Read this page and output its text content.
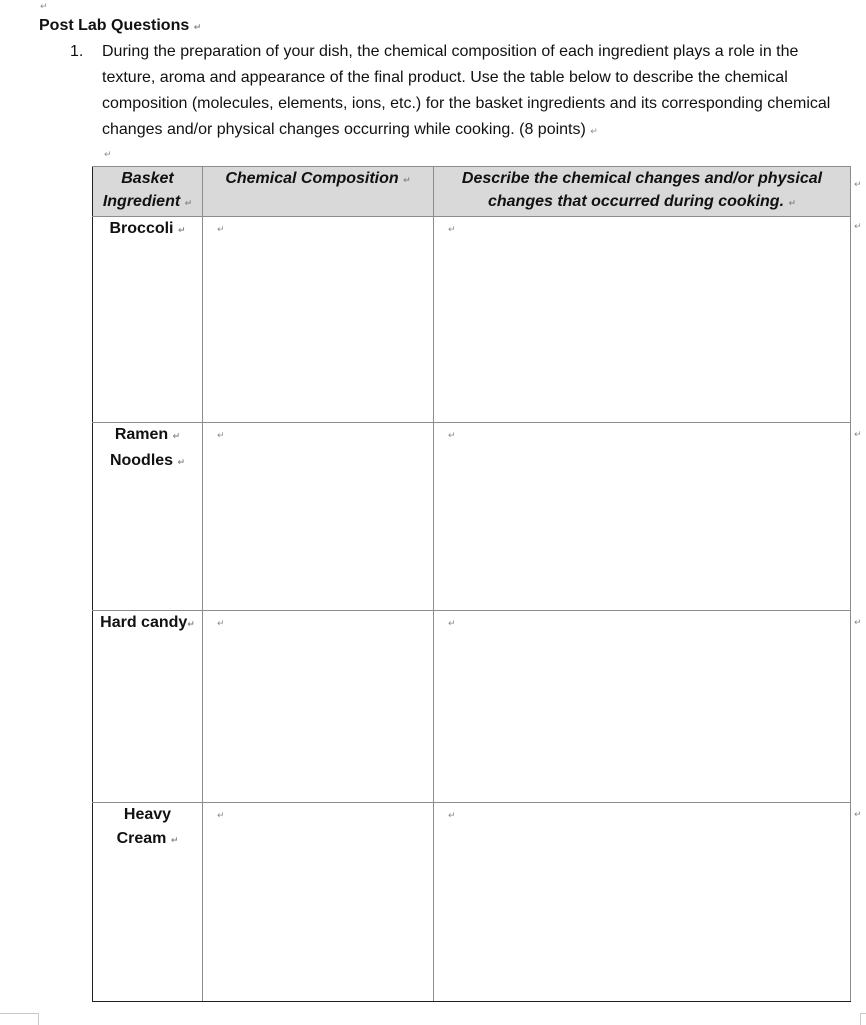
↵
Post Lab Questions ↵
1. During the preparation of your dish, the chemical composition of each ingredient plays a role in the texture, aroma and appearance of the final product. Use the table below to describe the chemical composition (molecules, elements, ions, etc.) for the basket ingredients and its corresponding chemical changes and/or physical changes occurring while cooking. (8 points) ↵
↵
Basket
Ingredient ↵	Chemical Composition ↵	Describe the chemical changes and/or physical
changes that occurred during cooking. ↵
Broccoli ↵	↵	↵

Ramen ↵
Noodles ↵	↵	↵

Hard candy↵	↵	↵

Heavy
Cream ↵	↵	↵
↵
↵
↵
↵
↵
